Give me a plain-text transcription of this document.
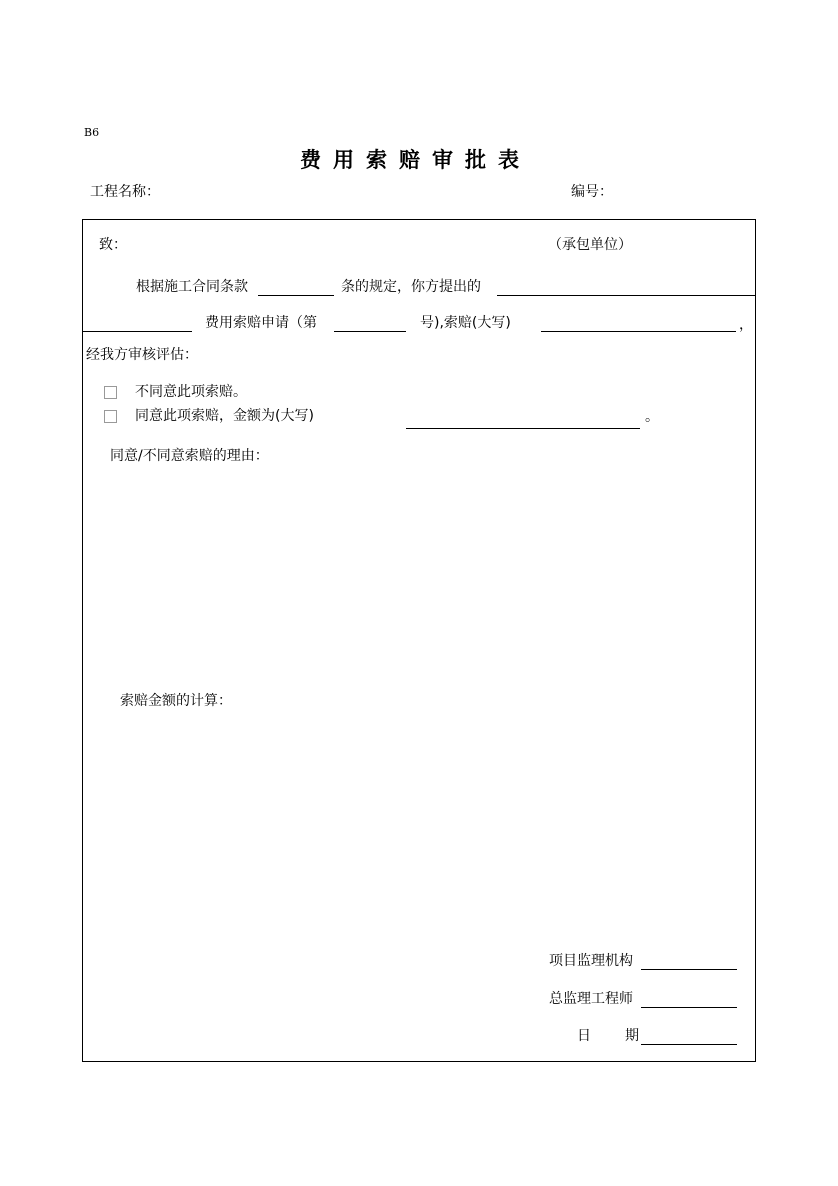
B6
费用索赔审批表
工程名称：	编号：
致：	（承包单位）
根据施工合同条款	条的规定，你方提出的
费用索赔申请（第	号),索赔(大写)	，
经我方审核评估：
不同意此项索赔。
同意此项索赔，金额为(大写)	。
同意/不同意索赔的理由：
索赔金额的计算：
项目监理机构
总监理工程师
日 期
